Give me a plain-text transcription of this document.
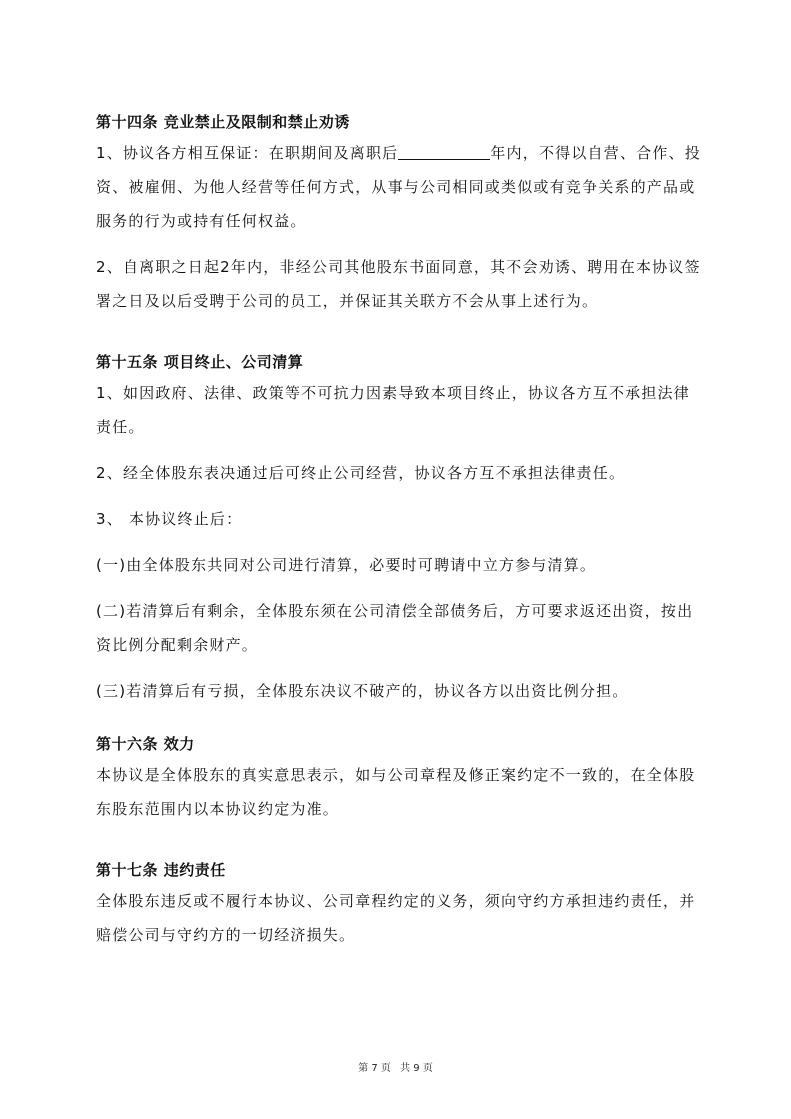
第十四条 竞业禁止及限制和禁止劝诱
1、协议各方相互保证：在职期间及离职后	年内，不得以自营、合作、投资、被雇佣、为他人经营等任何方式，从事与公司相同或类似或有竞争关系的产品或服务的行为或持有任何权益。
2、自离职之日起2年内，非经公司其他股东书面同意，其不会劝诱、聘用在本协议签署之日及以后受聘于公司的员工，并保证其关联方不会从事上述行为。
第十五条 项目终止、公司清算
1、如因政府、法律、政策等不可抗力因素导致本项目终止，协议各方互不承担法律责任。
2、经全体股东表决通过后可终止公司经营，协议各方互不承担法律责任。
3、 本协议终止后：
(一)由全体股东共同对公司进行清算，必要时可聘请中立方参与清算。
(二)若清算后有剩余，全体股东须在公司清偿全部债务后，方可要求返还出资，按出资比例分配剩余财产。
(三)若清算后有亏损，全体股东决议不破产的，协议各方以出资比例分担。
第十六条 效力
本协议是全体股东的真实意思表示，如与公司章程及修正案约定不一致的，在全体股东股东范围内以本协议约定为准。
第十七条 违约责任
全体股东违反或不履行本协议、公司章程约定的义务，须向守约方承担违约责任，并赔偿公司与守约方的一切经济损失。
第 7 页 共 9 页
